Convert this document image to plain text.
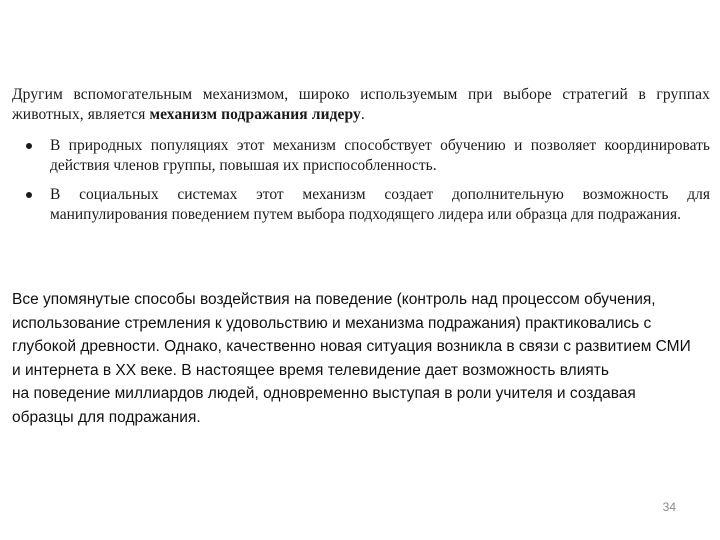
Другим вспомогательным механизмом, широко используемым при выборе стратегий в группах животных, является механизм подражания лидеру.
В природных популяциях этот механизм способствует обучению и позволяет координировать действия членов группы, повышая их приспособленность.
В социальных системах этот механизм создает дополнительную возможность для манипулирования поведением путем выбора подходящего лидера или образца для подражания.
Все упомянутые способы воздействия на поведение (контроль над процессом обучения,
использование стремления к удовольствию и механизма подражания) практиковались с
глубокой древности. Однако, качественно новая ситуация возникла в связи с развитием СМИ
и интернета в XX веке. В настоящее время телевидение дает возможность влиять
на поведение миллиардов людей, одновременно выступая в роли учителя и создавая
образцы для подражания.
34
